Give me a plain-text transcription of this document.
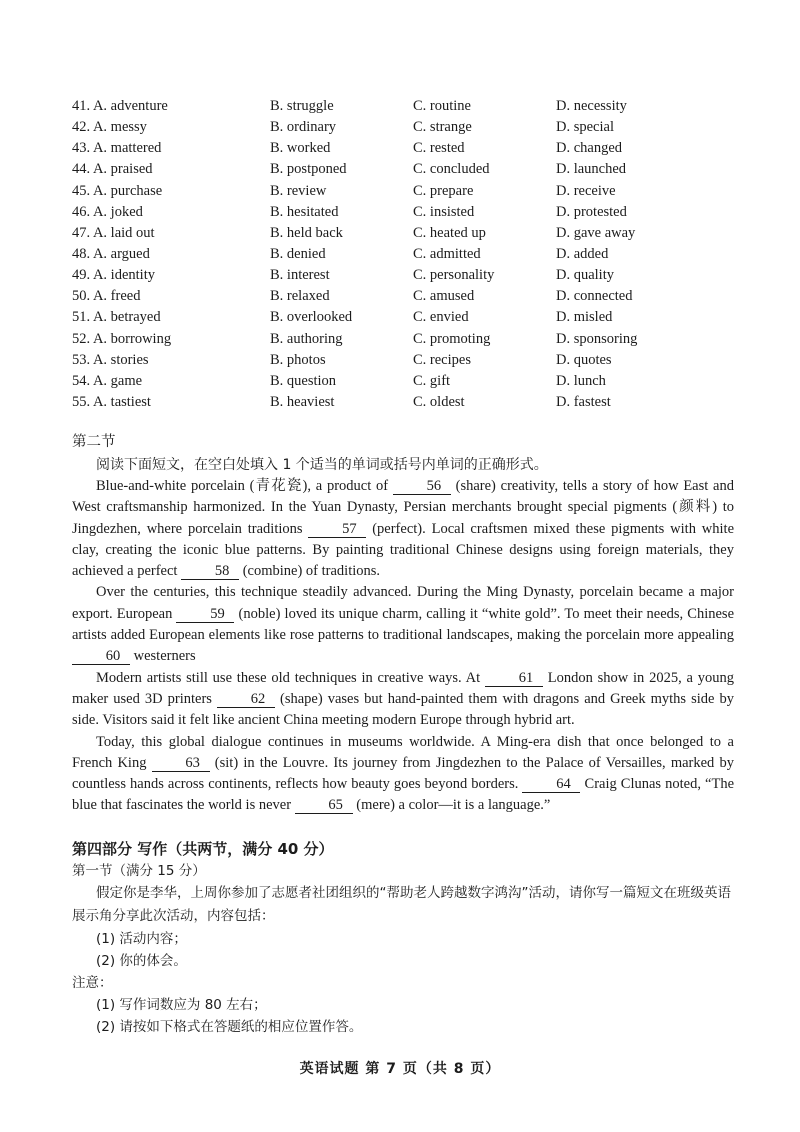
41. A. adventure	B. struggle	C. routine	D. necessity
42. A. messy	B. ordinary	C. strange	D. special
43. A. mattered	B. worked	C. rested	D. changed
44. A. praised	B. postponed	C. concluded	D. launched
45. A. purchase	B. review	C. prepare	D. receive
46. A. joked	B. hesitated	C. insisted	D. protested
47. A. laid out	B. held back	C. heated up	D. gave away
48. A. argued	B. denied	C. admitted	D. added
49. A. identity	B. interest	C. personality	D. quality
50. A. freed	B. relaxed	C. amused	D. connected
51. A. betrayed	B. overlooked	C. envied	D. misled
52. A. borrowing	B. authoring	C. promoting	D. sponsoring
53. A. stories	B. photos	C. recipes	D. quotes
54. A. game	B. question	C. gift	D. lunch
55. A. tastiest	B. heaviest	C. oldest	D. fastest
第二节
阅读下面短文，在空白处填入 1 个适当的单词或括号内单词的正确形式。

Blue-and-white porcelain (青花瓷), a product of 56 (share) creativity, tells a story of how East and West craftsmanship harmonized. In the Yuan Dynasty, Persian merchants brought special pigments (颜料) to Jingdezhen, where porcelain traditions 57 (perfect). Local craftsmen mixed these pigments with white clay, creating the iconic blue patterns. By painting traditional Chinese designs using foreign materials, they achieved a perfect 58 (combine) of traditions.

Over the centuries, this technique steadily advanced. During the Ming Dynasty, porcelain became a major export. European 59 (noble) loved its unique charm, calling it “white gold”. To meet their needs, Chinese artists added European elements like rose patterns to traditional landscapes, making the porcelain more appealing 60 westerners

Modern artists still use these old techniques in creative ways. At 61 London show in 2025, a young maker used 3D printers 62 (shape) vases but hand-painted them with dragons and Greek myths side by side. Visitors said it felt like ancient China meeting modern Europe through hybrid art.

Today, this global dialogue continues in museums worldwide. A Ming-era dish that once belonged to a French King 63 (sit) in the Louvre. Its journey from Jingdezhen to the Palace of Versailles, marked by countless hands across continents, reflects how beauty goes beyond borders. 64 Craig Clunas noted, “The blue that fascinates the world is never 65 (mere) a color—it is a language.”

第四部分 写作（共两节，满分 40 分）
第一节（满分 15 分）
假定你是李华，上周你参加了志愿者社团组织的“帮助老人跨越数字鸿沟”活动，请你写一篇短文在班级英语展示角分享此次活动，内容包括：
(1) 活动内容；
(2) 你的体会。
注意：
(1) 写作词数应为 80 左右；
(2) 请按如下格式在答题纸的相应位置作答。
英语试题 第 7 页（共 8 页）
